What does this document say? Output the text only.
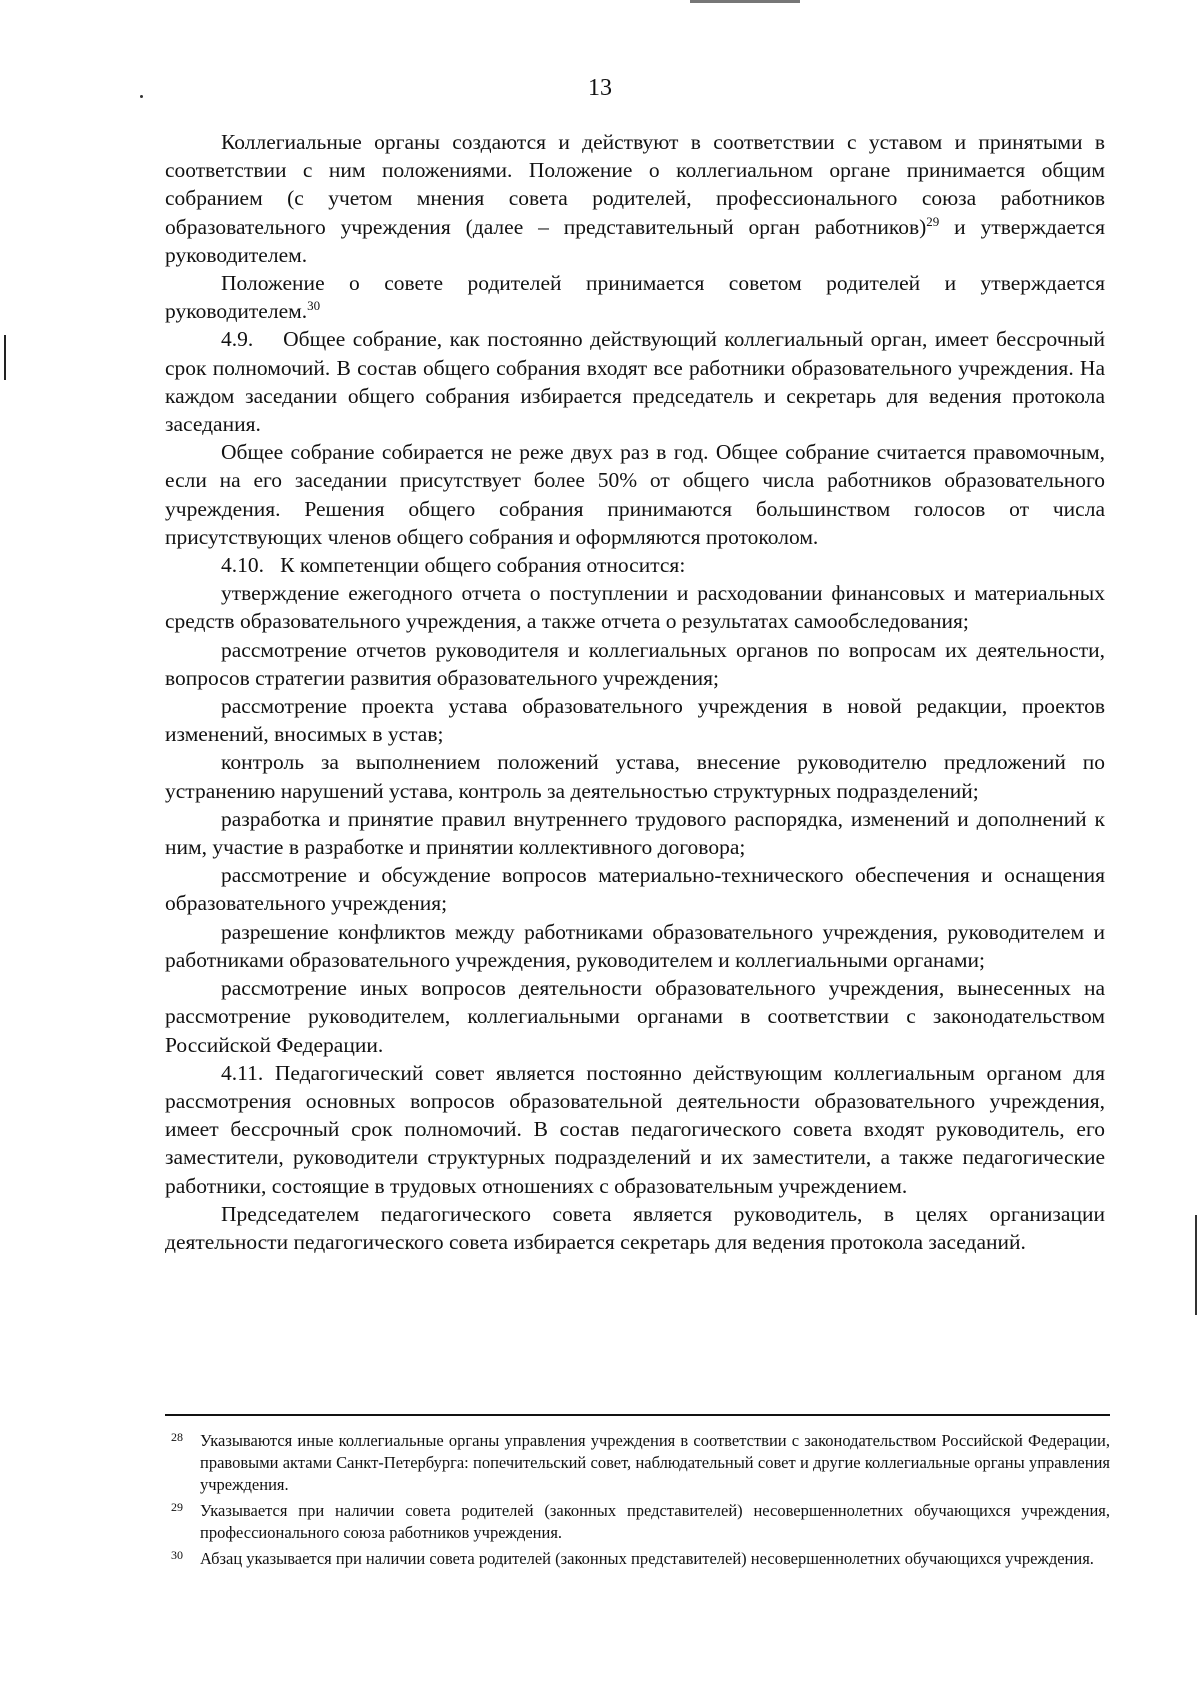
13

Коллегиальные органы создаются и действуют в соответствии с уставом и принятыми в соответствии с ним положениями. Положение о коллегиальном органе принимается общим собранием (с учетом мнения совета родителей, профессионального союза работников образовательного учреждения (далее – представительный орган работников)$^{29}$ и утверждается руководителем.

Положение о совете родителей принимается советом родителей и утверждается руководителем.$^{30}$

4.9.    Общее собрание, как постоянно действующий коллегиальный орган, имеет бессрочный срок полномочий. В состав общего собрания входят все работники образовательного учреждения. На каждом заседании общего собрания избирается председатель и секретарь для ведения протокола заседания.

Общее собрание собирается не реже двух раз в год. Общее собрание считается правомочным, если на его заседании присутствует более 50% от общего числа работников образовательного учреждения. Решения общего собрания принимаются большинством голосов от числа присутствующих членов общего собрания и оформляются протоколом.

4.10.   К компетенции общего собрания относится:

утверждение ежегодного отчета о поступлении и расходовании финансовых и материальных средств образовательного учреждения, а также отчета о результатах самообследования;

рассмотрение отчетов руководителя и коллегиальных органов по вопросам их деятельности, вопросов стратегии развития образовательного учреждения;

рассмотрение проекта устава образовательного учреждения в новой редакции, проектов изменений, вносимых в устав;

контроль за выполнением положений устава, внесение руководителю предложений по устранению нарушений устава, контроль за деятельностью структурных подразделений;

разработка и принятие правил внутреннего трудового распорядка, изменений и дополнений к ним, участие в разработке и принятии коллективного договора;

рассмотрение и обсуждение вопросов материально-технического обеспечения и оснащения образовательного учреждения;

разрешение конфликтов между работниками образовательного учреждения, руководителем и работниками образовательного учреждения, руководителем и коллегиальными органами;

рассмотрение иных вопросов деятельности образовательного учреждения, вынесенных на рассмотрение руководителем, коллегиальными органами в соответствии с законодательством Российской Федерации.

4.11. Педагогический совет является постоянно действующим коллегиальным органом для рассмотрения основных вопросов образовательной деятельности образовательного учреждения, имеет бессрочный срок полномочий. В состав педагогического совета входят руководитель, его заместители, руководители структурных подразделений и их заместители, а также педагогические работники, состоящие в трудовых отношениях с образовательным учреждением.

Председателем педагогического совета является руководитель, в целях организации деятельности педагогического совета избирается секретарь для ведения протокола заседаний.

28 Указываются иные коллегиальные органы управления учреждения в соответствии с законодательством Российской Федерации, правовыми актами Санкт-Петербурга: попечительский совет, наблюдательный совет и другие коллегиальные органы управления учреждения.
29 Указывается при наличии совета родителей (законных представителей) несовершеннолетних обучающихся учреждения, профессионального союза работников учреждения.
30 Абзац указывается при наличии совета родителей (законных представителей) несовершеннолетних обучающихся учреждения.
